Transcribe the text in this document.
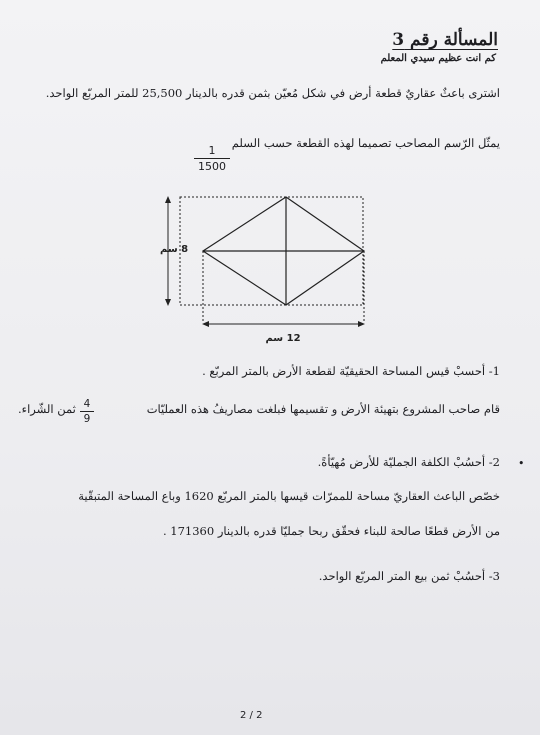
المسألة رقم 3
كم انت عظيم سيدي المعلم
اشترى باعثٌ عقاريٌ قطعة أرض في شكل مُعيّن بثمن قدره بالدينار 25,500 للمتر المربّع الواحد.
يمثّل الرّسم المصاحب تصميما لهذه القطعة حسب السلم
1
1500
8 سم
12 سم
1- أحسبْ قيس المساحة الحقيقيّة لقطعة الأرض بالمتر المربّع .
قام صاحب المشروع بتهيئة الأرض و تقسيمها فبلغت مصاريفُ هذه العمليّات
4
9
ثمن الشّراء.
2- أحسُبْ الكلفة الجمليّة للأرض مُهيّأةً. •
خصّص الباعث العقاريّ مساحة للممرّات قيسها بالمتر المربّع 1620 وباع المساحة المتبقّية
من الأرض قطعًا صالحة للبناء فحقّق ربحا جمليّا قدره بالدينار 171360 .
3- أحسُبْ ثمن بيع المتر المربّع الواحد.
2 / 2
